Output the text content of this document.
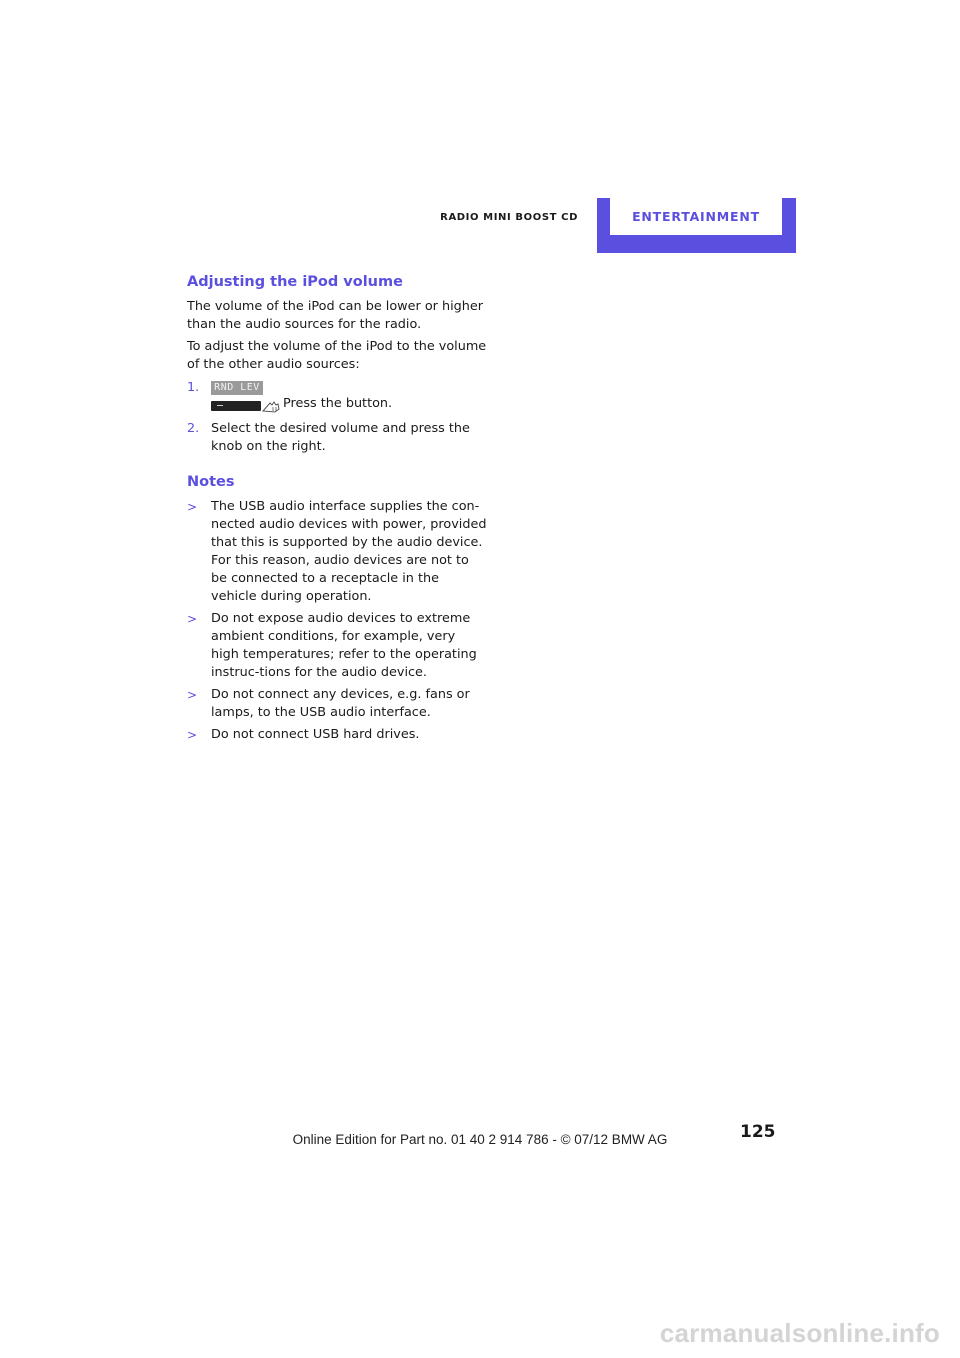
RADIO MINI BOOST CD	ENTERTAINMENT
Adjusting the iPod volume

The volume of the iPod can be lower or higher than the audio sources for the radio.

To adjust the volume of the iPod to the volume of the other audio sources:

1.	RND LEV
Press the button.
2. Select the desired volume and press the knob on the right.
Notes
>	The USB audio interface supplies the con-nected audio devices with power, provided that this is supported by the audio device. For this reason, audio devices are not to be connected to a receptacle in the vehicle during operation.
>	Do not expose audio devices to extreme ambient conditions, for example, very high temperatures; refer to the operating instruc-tions for the audio device.
>	Do not connect any devices, e.g. fans or lamps, to the USB audio interface.
>	Do not connect USB hard drives.
125
Online Edition for Part no. 01 40 2 914 786 - © 07/12 BMW AG
carmanualsonline.info
